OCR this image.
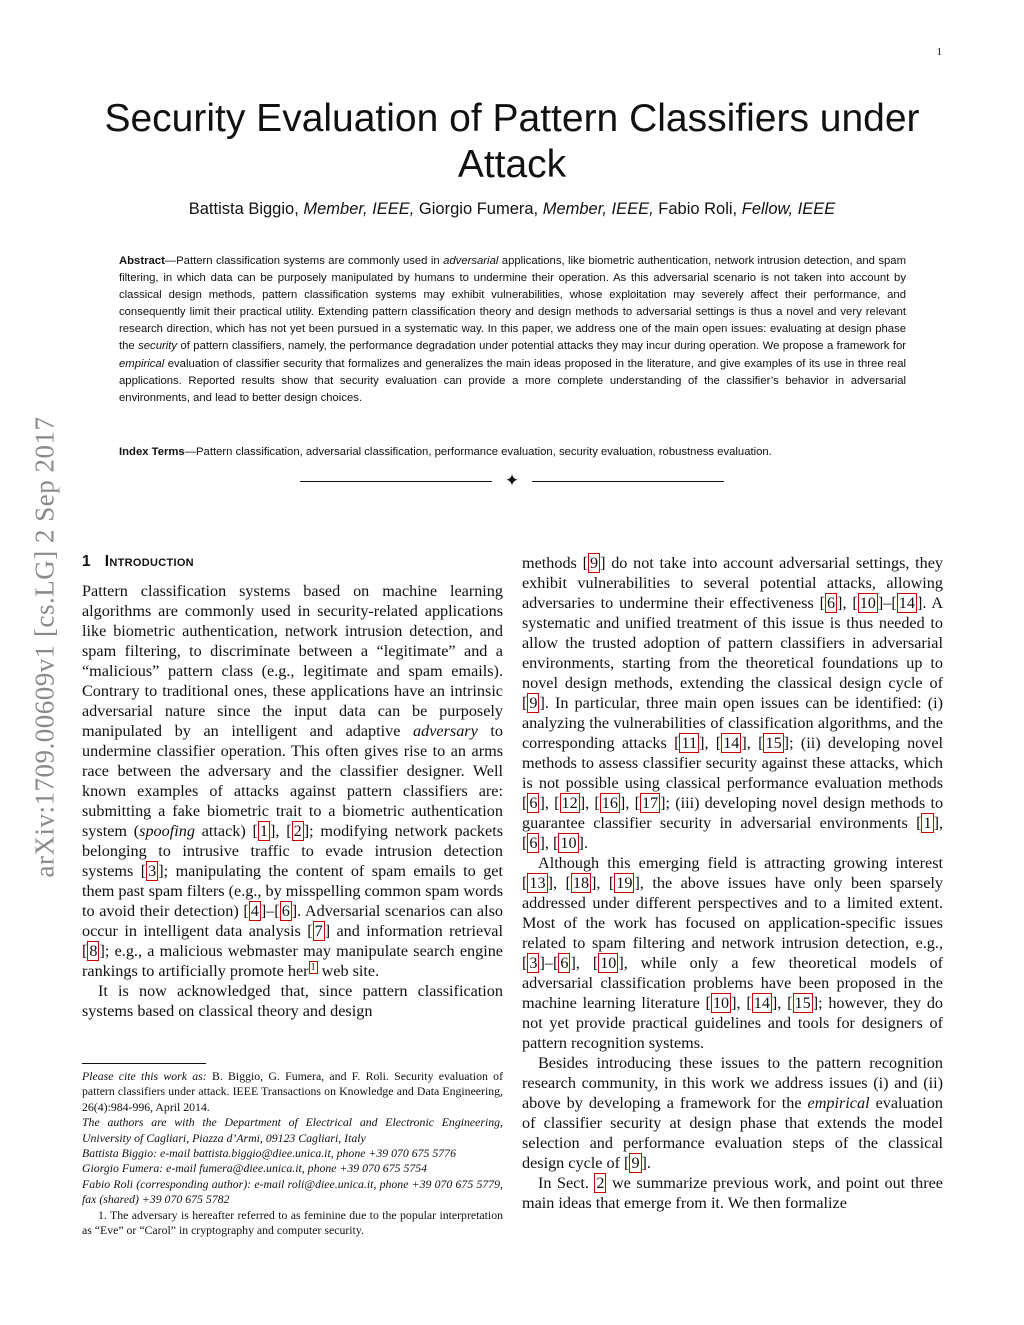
1
arXiv:1709.00609v1 [cs.LG] 2 Sep 2017
Security Evaluation of Pattern Classifiers under Attack
Battista Biggio, Member, IEEE, Giorgio Fumera, Member, IEEE, Fabio Roli, Fellow, IEEE

Abstract—Pattern classification systems are commonly used in adversarial applications, like biometric authentication, network intrusion detection, and spam filtering, in which data can be purposely manipulated by humans to undermine their operation. As this adversarial scenario is not taken into account by classical design methods, pattern classification systems may exhibit vulnerabilities, whose exploitation may severely affect their performance, and consequently limit their practical utility. Extending pattern classification theory and design methods to adversarial settings is thus a novel and very relevant research direction, which has not yet been pursued in a systematic way. In this paper, we address one of the main open issues: evaluating at design phase the security of pattern classifiers, namely, the performance degradation under potential attacks they may incur during operation. We propose a framework for empirical evaluation of classifier security that formalizes and generalizes the main ideas proposed in the literature, and give examples of its use in three real applications. Reported results show that security evaluation can provide a more complete understanding of the classifier’s behavior in adversarial environments, and lead to better design choices.

Index Terms—Pattern classification, adversarial classification, performance evaluation, security evaluation, robustness evaluation.

✦
1 Introduction

Pattern classification systems based on machine learning algorithms are commonly used in security-related applications like biometric authentication, network intrusion detection, and spam filtering, to discriminate between a “legitimate” and a “malicious” pattern class (e.g., legitimate and spam emails). Contrary to traditional ones, these applications have an intrinsic adversarial nature since the input data can be purposely manipulated by an intelligent and adaptive adversary to undermine classifier operation. This often gives rise to an arms race between the adversary and the classifier designer. Well known examples of attacks against pattern classifiers are: submitting a fake biometric trait to a biometric authentication system (spoofing attack) [ 1 ], [ 2 ]; modifying network packets belonging to intrusive traffic to evade intrusion detection systems [ 3 ]; manipulating the content of spam emails to get them past spam filters (e.g., by misspelling common spam words to avoid their detection) [ 4 ]–[ 6 ]. Adversarial scenarios can also occur in intelligent data analysis [ 7 ] and information retrieval [ 8 ]; e.g., a malicious webmaster may manipulate search engine rankings to artificially promote her $^1$ web site.

It is now acknowledged that, since pattern classification systems based on classical theory and design

Please cite this work as: B. Biggio, G. Fumera, and F. Roli. Security evaluation of pattern classifiers under attack. IEEE Transactions on Knowledge and Data Engineering, 26(4):984-996, April 2014.

The authors are with the Department of Electrical and Electronic Engineering, University of Cagliari, Piazza d’Armi, 09123 Cagliari, Italy

Battista Biggio: e-mail battista.biggio@diee.unica.it, phone +39 070 675 5776

Giorgio Fumera: e-mail fumera@diee.unica.it, phone +39 070 675 5754

Fabio Roli (corresponding author): e-mail roli@diee.unica.it, phone +39 070 675 5779, fax (shared) +39 070 675 5782

1. The adversary is hereafter referred to as feminine due to the popular interpretation as “Eve” or “Carol” in cryptography and computer security.

methods [ 9 ] do not take into account adversarial settings, they exhibit vulnerabilities to several potential attacks, allowing adversaries to undermine their effectiveness [ 6 ], [ 10 ]–[ 14 ]. A systematic and unified treatment of this issue is thus needed to allow the trusted adoption of pattern classifiers in adversarial environments, starting from the theoretical foundations up to novel design methods, extending the classical design cycle of [ 9 ]. In particular, three main open issues can be identified: (i) analyzing the vulnerabilities of classification algorithms, and the corresponding attacks [ 11 ], [ 14 ], [ 15 ]; (ii) developing novel methods to assess classifier security against these attacks, which is not possible using classical performance evaluation methods [ 6 ], [ 12 ], [ 16 ], [ 17 ]; (iii) developing novel design methods to guarantee classifier security in adversarial environments [ 1 ], [ 6 ], [ 10 ].

Although this emerging field is attracting growing interest [ 13 ], [ 18 ], [ 19 ], the above issues have only been sparsely addressed under different perspectives and to a limited extent. Most of the work has focused on application-specific issues related to spam filtering and network intrusion detection, e.g., [ 3 ]–[ 6 ], [ 10 ], while only a few theoretical models of adversarial classification problems have been proposed in the machine learning literature [ 10 ], [ 14 ], [ 15 ]; however, they do not yet provide practical guidelines and tools for designers of pattern recognition systems.

Besides introducing these issues to the pattern recognition research community, in this work we address issues (i) and (ii) above by developing a framework for the empirical evaluation of classifier security at design phase that extends the model selection and performance evaluation steps of the classical design cycle of [ 9 ].

In Sect. 2 we summarize previous work, and point out three main ideas that emerge from it. We then formalize
